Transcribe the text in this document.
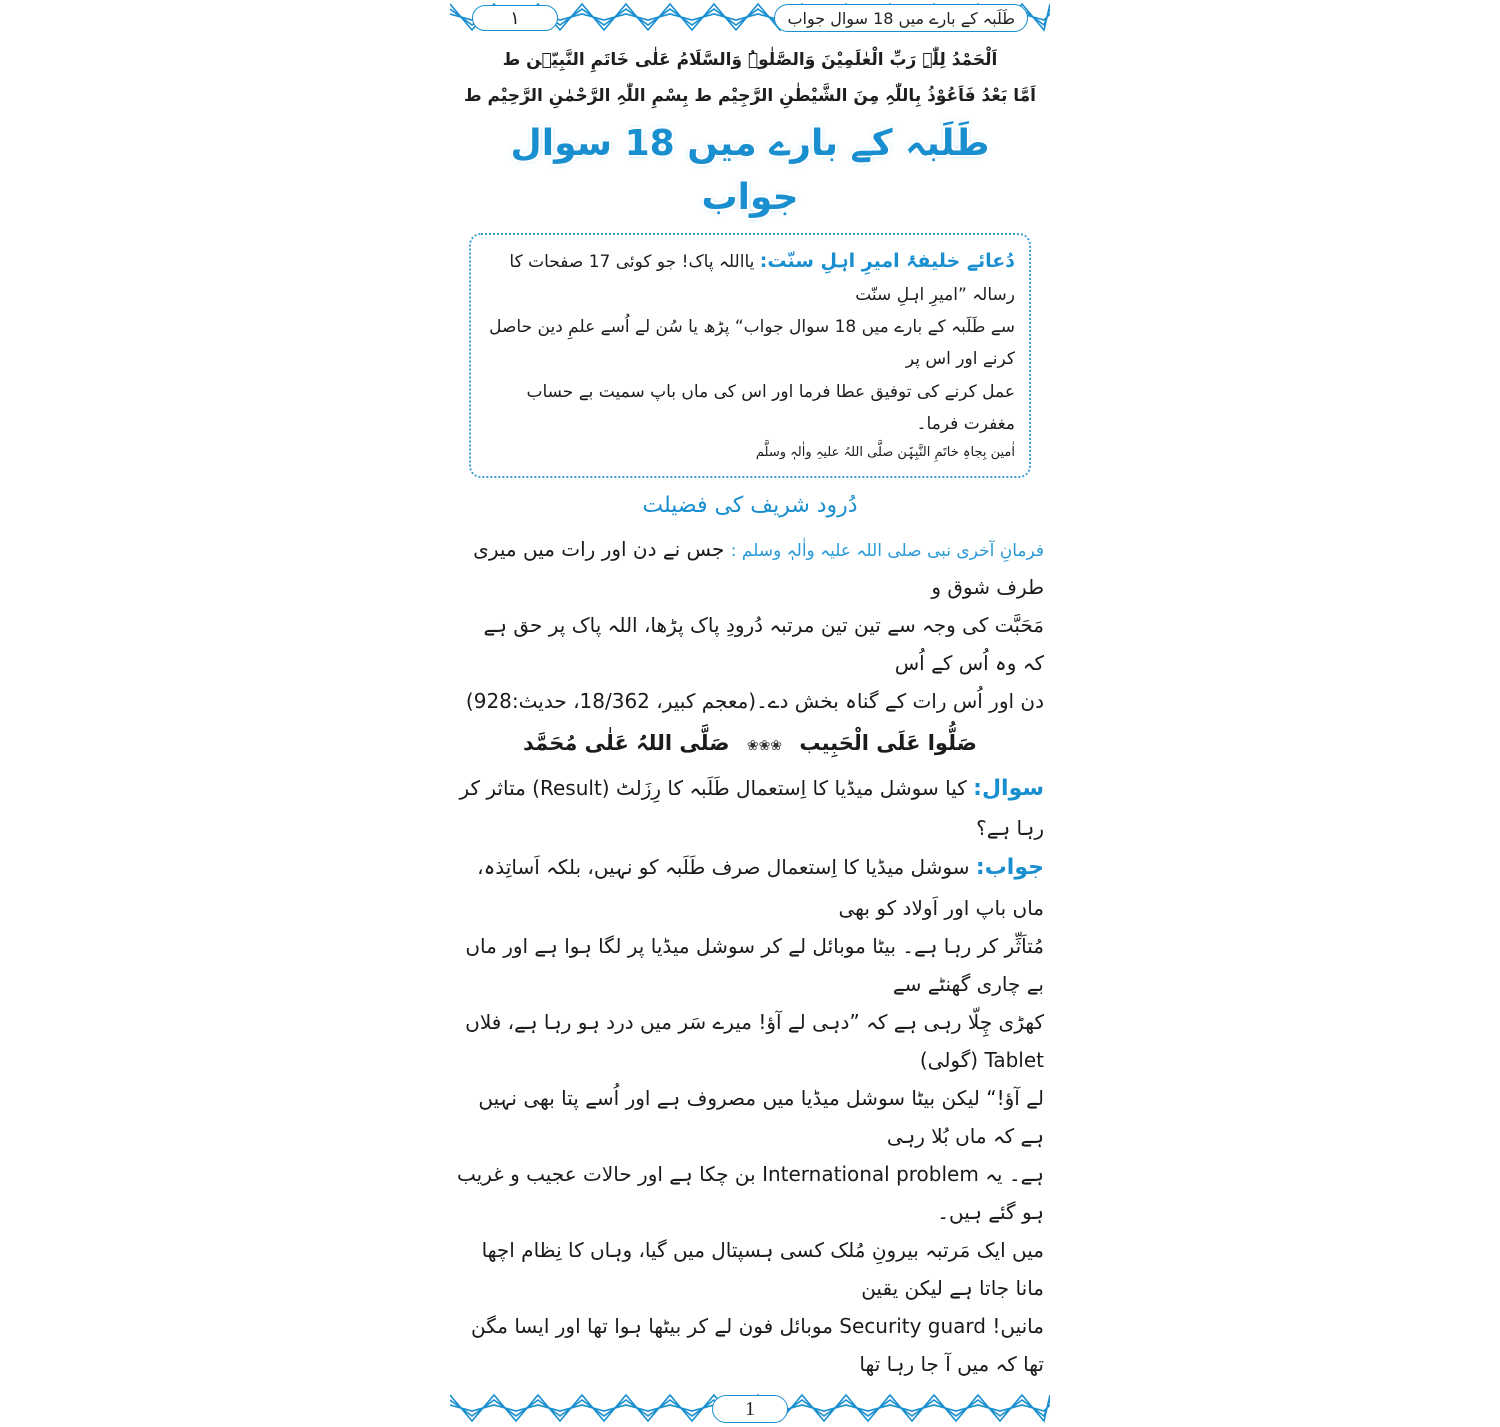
١	طَلَبہ کے بارے میں 18 سوال جواب
اَلْحَمْدُ لِلّٰہِ رَبِّ الْعٰلَمِیْنَ وَالصَّلٰوۃُ وَالسَّلَامُ عَلٰی خَاتَمِ النَّبِیّٖن ط
اَمَّا بَعْدُ فَاَعُوْذُ بِاللّٰہِ مِنَ الشَّیْطٰنِ الرَّجِیْم ط بِسْمِ اللّٰہِ الرَّحْمٰنِ الرَّحِیْم ط
طَلَبہ کے بارے میں 18 سوال جواب
دُعائے خلیفۂ امیرِ اہلِ سنّت: یااللہ پاک! جو کوئی 17 صفحات کا رسالہ ”امیرِ اہلِ سنّت
سے طَلَبہ کے بارے میں 18 سوال جواب“ پڑھ یا سُن لے اُسے علمِ دین حاصل کرنے اور اس پر
عمل کرنے کی توفیق عطا فرما اور اس کی ماں باپ سمیت بے حساب مغفرت فرما۔
اٰمین بِجاہِ خاتَمِ النَّبِیّٖن صلَّی اللہُ علیہِ واٰلہٖ وسلَّم
دُرود شریف کی فضیلت
فرمانِ آخری نبی صلی اللہ علیہ واٰلہٖ وسلم : جس نے دن اور رات میں میری طرف شوق و
مَحَبَّت کی وجہ سے تین تین مرتبہ دُرودِ پاک پڑھا، اللہ پاک پر حق ہے کہ وہ اُس کے اُس
دن اور اُس رات کے گناہ بخش دے۔(معجم کبیر، 18/362، حدیث:928)
صَلُّوا عَلَی الْحَبِیب ❀❀❀ صَلَّی اللہُ عَلٰی مُحَمَّد
سوال: کیا سوشل میڈیا کا اِستعمال طَلَبہ کا رِزَلٹ (Result) متاثر کر رہا ہے؟
جواب: سوشل میڈیا کا اِستعمال صرف طَلَبہ کو نہیں، بلکہ اَساتِذہ، ماں باپ اور اَولاد کو بھی
مُتاَثِّر کر رہا ہے۔ بیٹا موبائل لے کر سوشل میڈیا پر لگا ہوا ہے اور ماں بے چاری گھنٹے سے
کھڑی چِلّا رہی ہے کہ ”دہی لے آؤ! میرے سَر میں درد ہو رہا ہے، فلاں Tablet (گولی)
لے آؤ!“ لیکن بیٹا سوشل میڈیا میں مصروف ہے اور اُسے پتا بھی نہیں ہے کہ ماں بُلا رہی
ہے۔ یہ International problem بن چکا ہے اور حالات عجیب و غریب ہو گئے ہیں۔
میں ایک مَرتبہ بیرونِ مُلک کسی ہسپتال میں گیا، وہاں کا نِظام اچھا مانا جاتا ہے لیکن یقین
مانیں! Security guard موبائل فون لے کر بیٹھا ہوا تھا اور ایسا مگن تھا کہ میں آ جا رہا تھا
1
